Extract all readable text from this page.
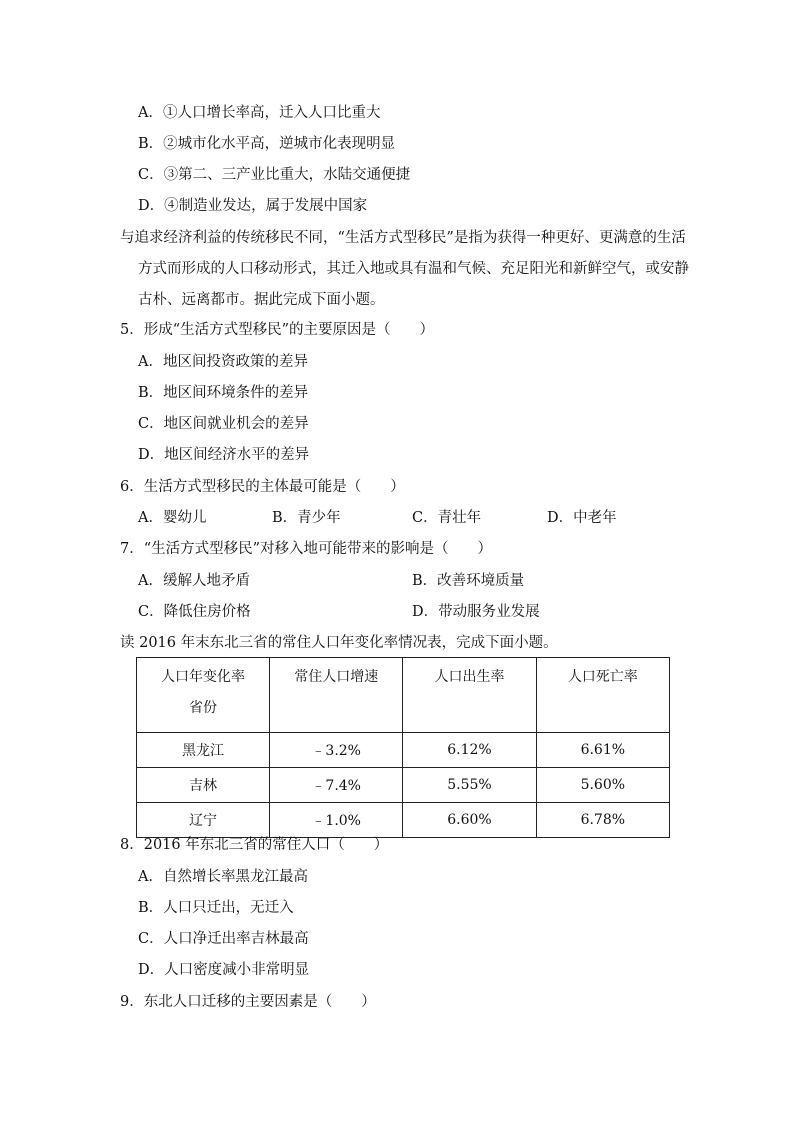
A．①人口增长率高，迁入人口比重大
B．②城市化水平高，逆城市化表现明显
C．③第二、三产业比重大，水陆交通便捷
D．④制造业发达，属于发展中国家
与追求经济利益的传统移民不同，“生活方式型移民”是指为获得一种更好、更满意的生活
方式而形成的人口移动形式，其迁入地或具有温和气候、充足阳光和新鲜空气，或安静
古朴、远离都市。据此完成下面小题。
5．形成“生活方式型移民”的主要原因是（　　）
A．地区间投资政策的差异
B．地区间环境条件的差异
C．地区间就业机会的差异
D．地区间经济水平的差异
6．生活方式型移民的主体最可能是（　　）
A．婴幼儿	B．青少年	C．青壮年	D．中老年
7．“生活方式型移民”对移入地可能带来的影响是（　　）
A．缓解人地矛盾	B．改善环境质量
C．降低住房价格	D．带动服务业发展
读 2016 年末东北三省的常住人口年变化率情况表，完成下面小题。
人口年变化率
省份	常住人口增速	人口出生率	人口死亡率
黑龙江	﹣3.2%	6.12%	6.61%
吉林	﹣7.4%	5.55%	5.60%
辽宁	﹣1.0%	6.60%	6.78%
8．2016 年东北三省的常住人口（　　）
A．自然增长率黑龙江最高
B．人口只迁出，无迁入
C．人口净迁出率吉林最高
D．人口密度减小非常明显
9．东北人口迁移的主要因素是（　　）
